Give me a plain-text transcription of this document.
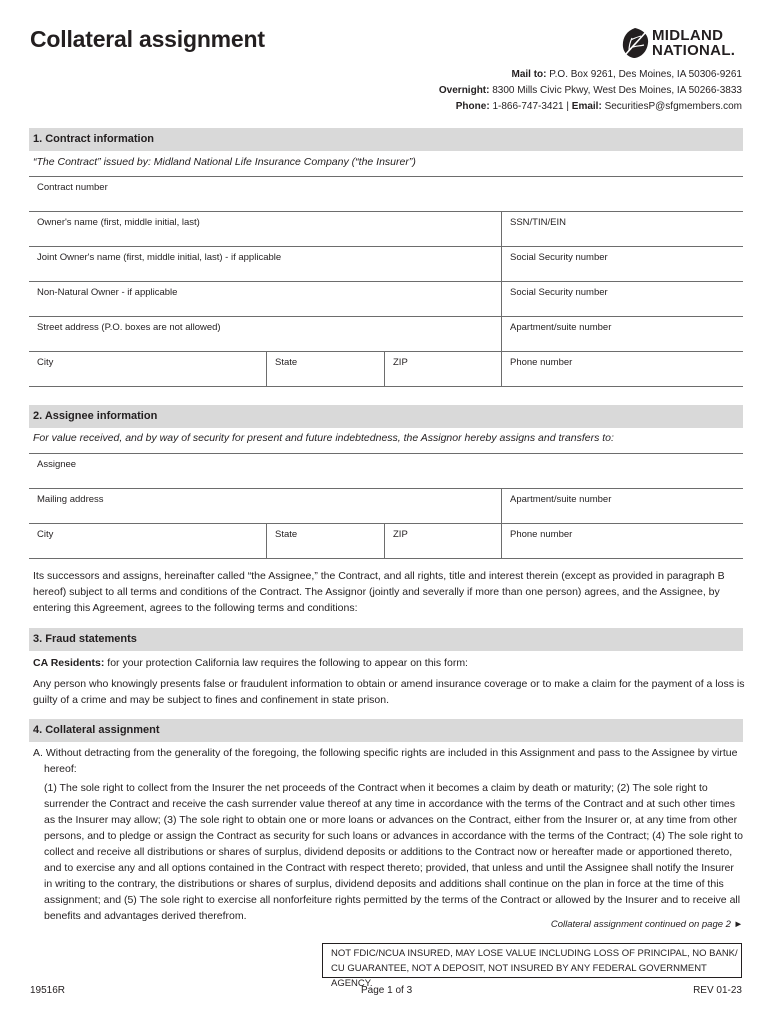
Collateral assignment	MIDLAND
NATIONAL.
Mail to: P.O. Box 9261, Des Moines, IA 50306-9261
Overnight: 8300 Mills Civic Pkwy, West Des Moines, IA 50266-3833
Phone: 1-866-747-3421 | Email: SecuritiesP@sfgmembers.com
1. Contract information
“The Contract” issued by: Midland National Life Insurance Company (“the Insurer”)
Contract number
Owner's name (first, middle initial, last)	SSN/TIN/EIN
Joint Owner's name (first, middle initial, last) - if applicable	Social Security number
Non-Natural Owner - if applicable	Social Security number
Street address (P.O. boxes are not allowed)	Apartment/suite number
City	State	ZIP	Phone number
2. Assignee information
For value received, and by way of security for present and future indebtedness, the Assignor hereby assigns and transfers to:
Assignee
Mailing address	Apartment/suite number
City	State	ZIP	Phone number
Its successors and assigns, hereinafter called “the Assignee,” the Contract, and all rights, title and interest therein (except as provided in paragraph B hereof) subject to all terms and conditions of the Contract. The Assignor (jointly and severally if more than one person) agrees, and the Assignee, by entering this Agreement, agrees to the following terms and conditions:
3. Fraud statements
CA Residents: for your protection California law requires the following to appear on this form:
Any person who knowingly presents false or fraudulent information to obtain or amend insurance coverage or to make a claim for the payment of a loss is guilty of a crime and may be subject to fines and confinement in state prison.
4. Collateral assignment
A. Without detracting from the generality of the foregoing, the following specific rights are included in this Assignment and pass to the Assignee by virtue hereof:
(1) The sole right to collect from the Insurer the net proceeds of the Contract when it becomes a claim by death or maturity; (2) The sole right to surrender the Contract and receive the cash surrender value thereof at any time in accordance with the terms of the Contract and at such other times as the Insurer may allow; (3) The sole right to obtain one or more loans or advances on the Contract, either from the Insurer or, at any time from other persons, and to pledge or assign the Contract as security for such loans or advances in accordance with the terms of the Contract; (4) The sole right to collect and receive all distributions or shares of surplus, dividend deposits or additions to the Contract now or hereafter made or apportioned thereto, and to exercise any and all options contained in the Contract with respect thereto; provided, that unless and until the Assignee shall notify the Insurer in writing to the contrary, the distributions or shares of surplus, dividend deposits and additions shall continue on the plan in force at the time of this assignment; and (5) The sole right to exercise all nonforfeiture rights permitted by the terms of the Contract or allowed by the Insurer and to receive all benefits and advantages derived therefrom.
Collateral assignment continued on page 2 ►
NOT FDIC/NCUA INSURED, MAY LOSE VALUE INCLUDING LOSS OF PRINCIPAL, NO BANK/
CU GUARANTEE, NOT A DEPOSIT, NOT INSURED BY ANY FEDERAL GOVERNMENT AGENCY.
19516R	Page 1 of 3	REV 01-23
